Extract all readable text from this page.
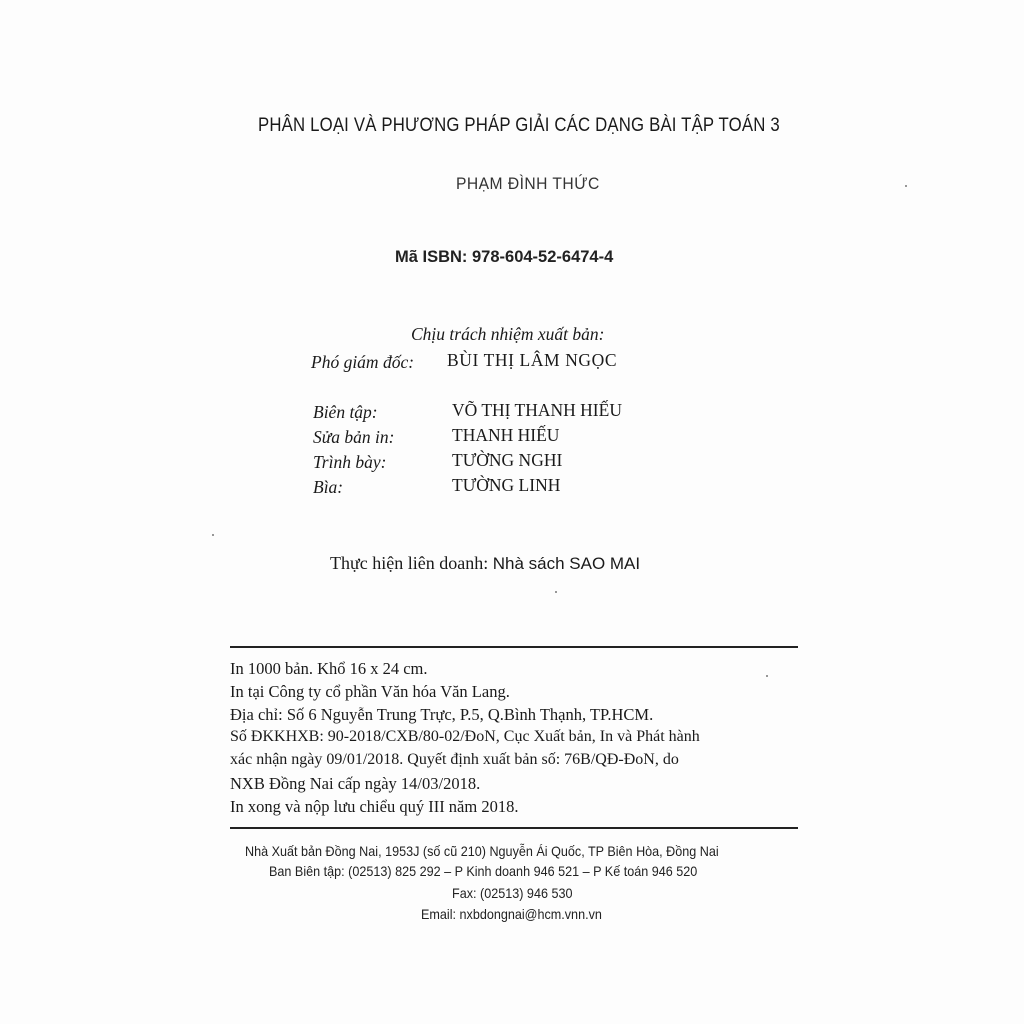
PHÂN LOẠI VÀ PHƯƠNG PHÁP GIẢI CÁC DẠNG BÀI TẬP TOÁN 3
PHẠM ĐÌNH THỨC
Mã ISBN: 978-604-52-6474-4
Chịu trách nhiệm xuất bản:
Phó giám đốc: BÙI THỊ LÂM NGỌC
Biên tập:	VÕ THỊ THANH HIẾU
Sửa bản in:	THANH HIẾU
Trình bày:	TƯỜNG NGHI
Bìa:	TƯỜNG LINH
Thực hiện liên doanh: Nhà sách SAO MAI
In 1000 bản. Khổ 16 x 24 cm.
In tại Công ty cổ phần Văn hóa Văn Lang.
Địa chỉ: Số 6 Nguyễn Trung Trực, P.5, Q.Bình Thạnh, TP.HCM.
Số ĐKKHXB: 90-2018/CXB/80-02/ĐoN, Cục Xuất bản, In và Phát hành
xác nhận ngày 09/01/2018. Quyết định xuất bản số: 76B/QĐ-ĐoN, do
NXB Đồng Nai cấp ngày 14/03/2018.
In xong và nộp lưu chiểu quý III năm 2018.
Nhà Xuất bản Đồng Nai, 1953J (số cũ 210) Nguyễn Ái Quốc, TP Biên Hòa, Đồng Nai
Ban Biên tập: (02513) 825 292 – P Kinh doanh 946 521 – P Kế toán 946 520
Fax: (02513) 946 530
Email: nxbdongnai@hcm.vnn.vn
